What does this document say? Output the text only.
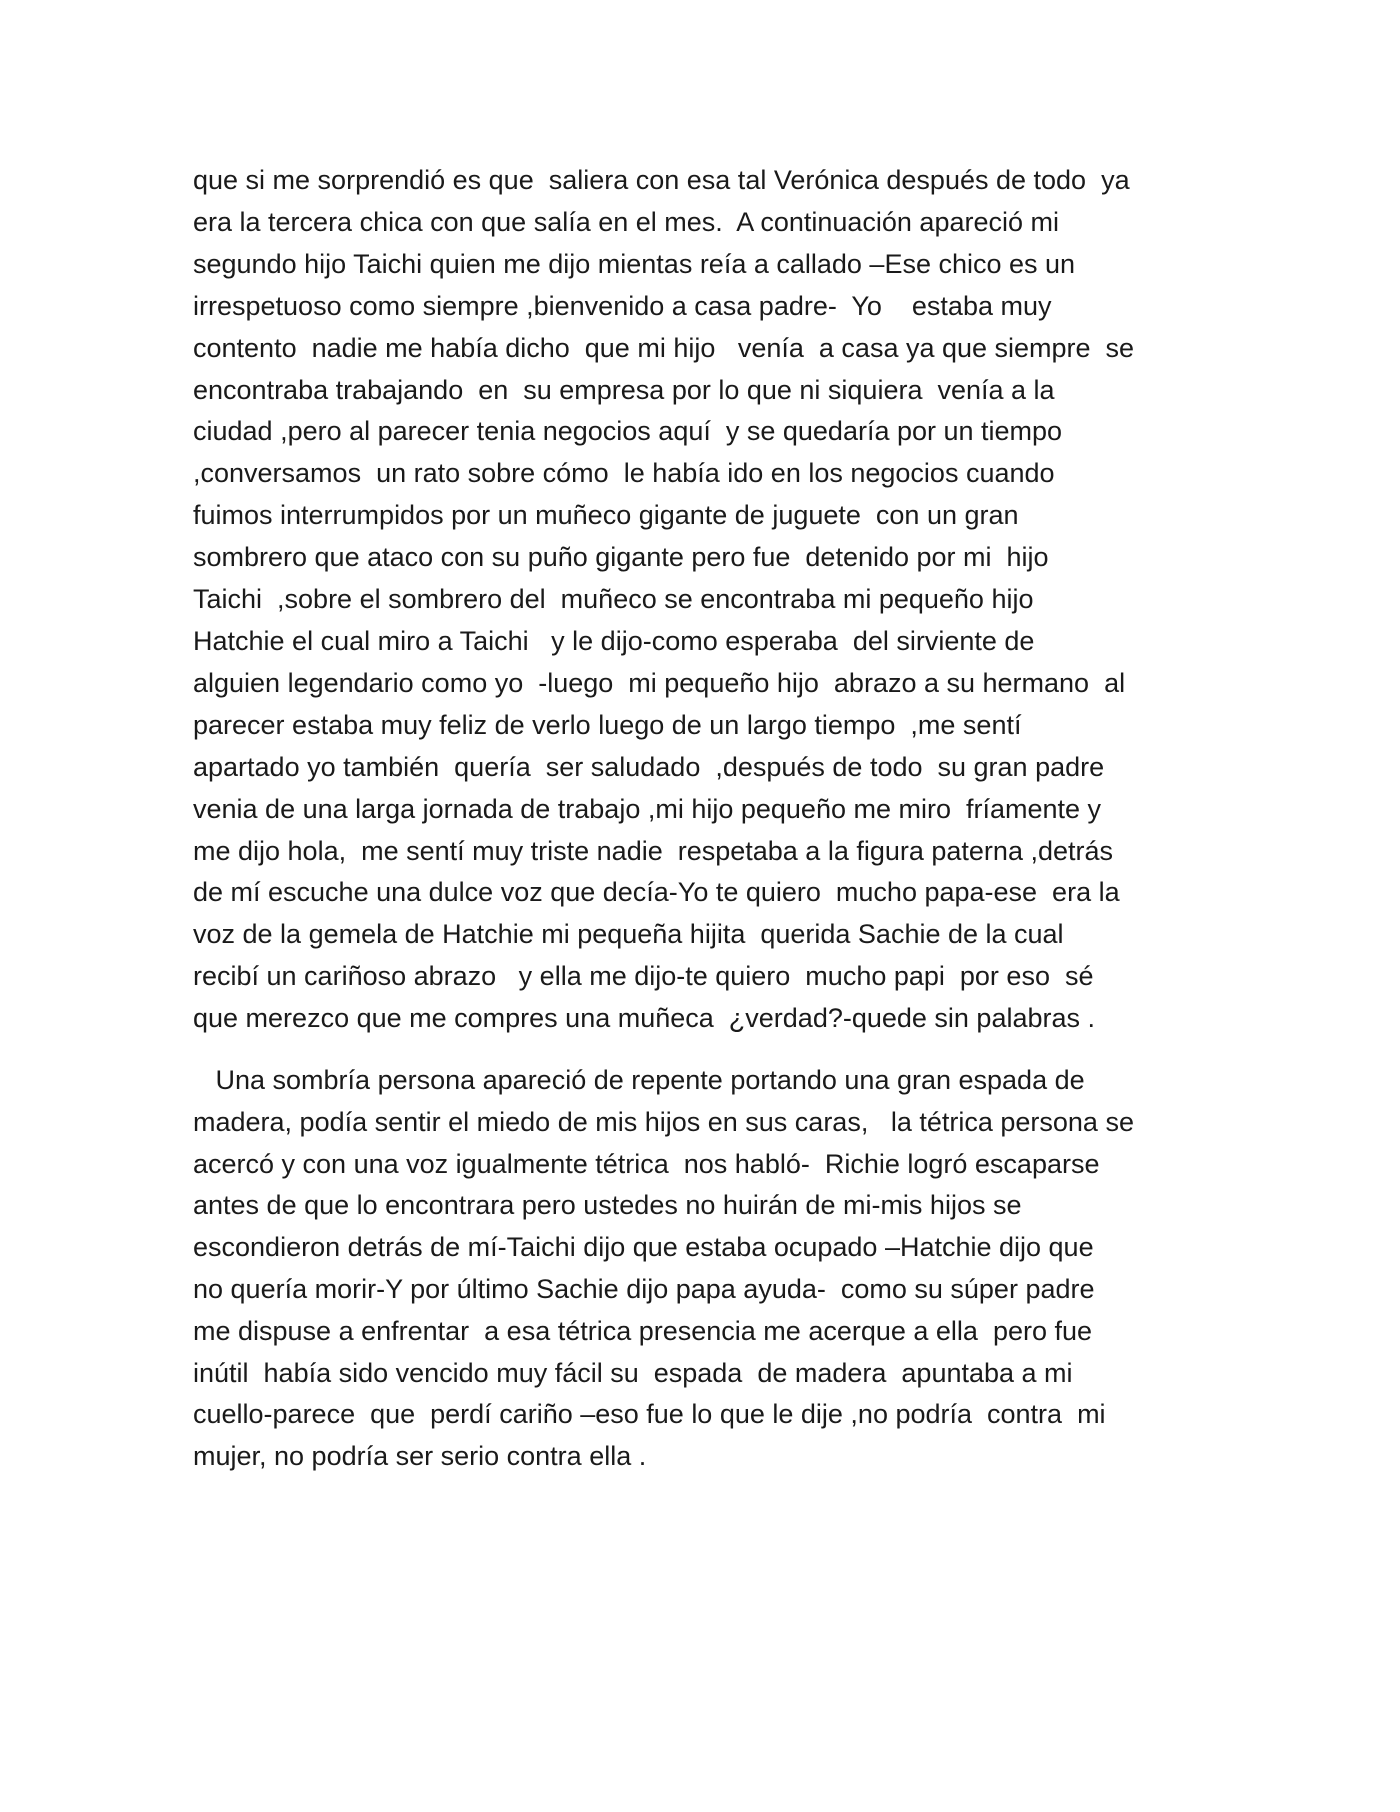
que si me sorprendió es que  saliera con esa tal Verónica después de todo  ya
era la tercera chica con que salía en el mes.  A continuación apareció mi
segundo hijo Taichi quien me dijo mientas reía a callado –Ese chico es un
irrespetuoso como siempre ,bienvenido a casa padre-  Yo    estaba muy
contento  nadie me había dicho  que mi hijo   venía  a casa ya que siempre  se
encontraba trabajando  en  su empresa por lo que ni siquiera  venía a la
ciudad ,pero al parecer tenia negocios aquí  y se quedaría por un tiempo
,conversamos  un rato sobre cómo  le había ido en los negocios cuando
fuimos interrumpidos por un muñeco gigante de juguete  con un gran
sombrero que ataco con su puño gigante pero fue  detenido por mi  hijo
Taichi  ,sobre el sombrero del  muñeco se encontraba mi pequeño hijo
Hatchie el cual miro a Taichi   y le dijo-como esperaba  del sirviente de
alguien legendario como yo  -luego  mi pequeño hijo  abrazo a su hermano  al
parecer estaba muy feliz de verlo luego de un largo tiempo  ,me sentí
apartado yo también  quería  ser saludado  ,después de todo  su gran padre
venia de una larga jornada de trabajo ,mi hijo pequeño me miro  fríamente y
me dijo hola,  me sentí muy triste nadie  respetaba a la figura paterna ,detrás
de mí escuche una dulce voz que decía-Yo te quiero  mucho papa-ese  era la
voz de la gemela de Hatchie mi pequeña hijita  querida Sachie de la cual
recibí un cariñoso abrazo   y ella me dijo-te quiero  mucho papi  por eso  sé
que merezco que me compres una muñeca  ¿verdad?-quede sin palabras .
Una sombría persona apareció de repente portando una gran espada de
madera, podía sentir el miedo de mis hijos en sus caras,   la tétrica persona se
acercó y con una voz igualmente tétrica  nos habló-  Richie logró escaparse
antes de que lo encontrara pero ustedes no huirán de mi-mis hijos se
escondieron detrás de mí-Taichi dijo que estaba ocupado –Hatchie dijo que
no quería morir-Y por último Sachie dijo papa ayuda-  como su súper padre
me dispuse a enfrentar  a esa tétrica presencia me acerque a ella  pero fue
inútil  había sido vencido muy fácil su  espada  de madera  apuntaba a mi
cuello-parece  que  perdí cariño –eso fue lo que le dije ,no podría  contra  mi
mujer, no podría ser serio contra ella .
